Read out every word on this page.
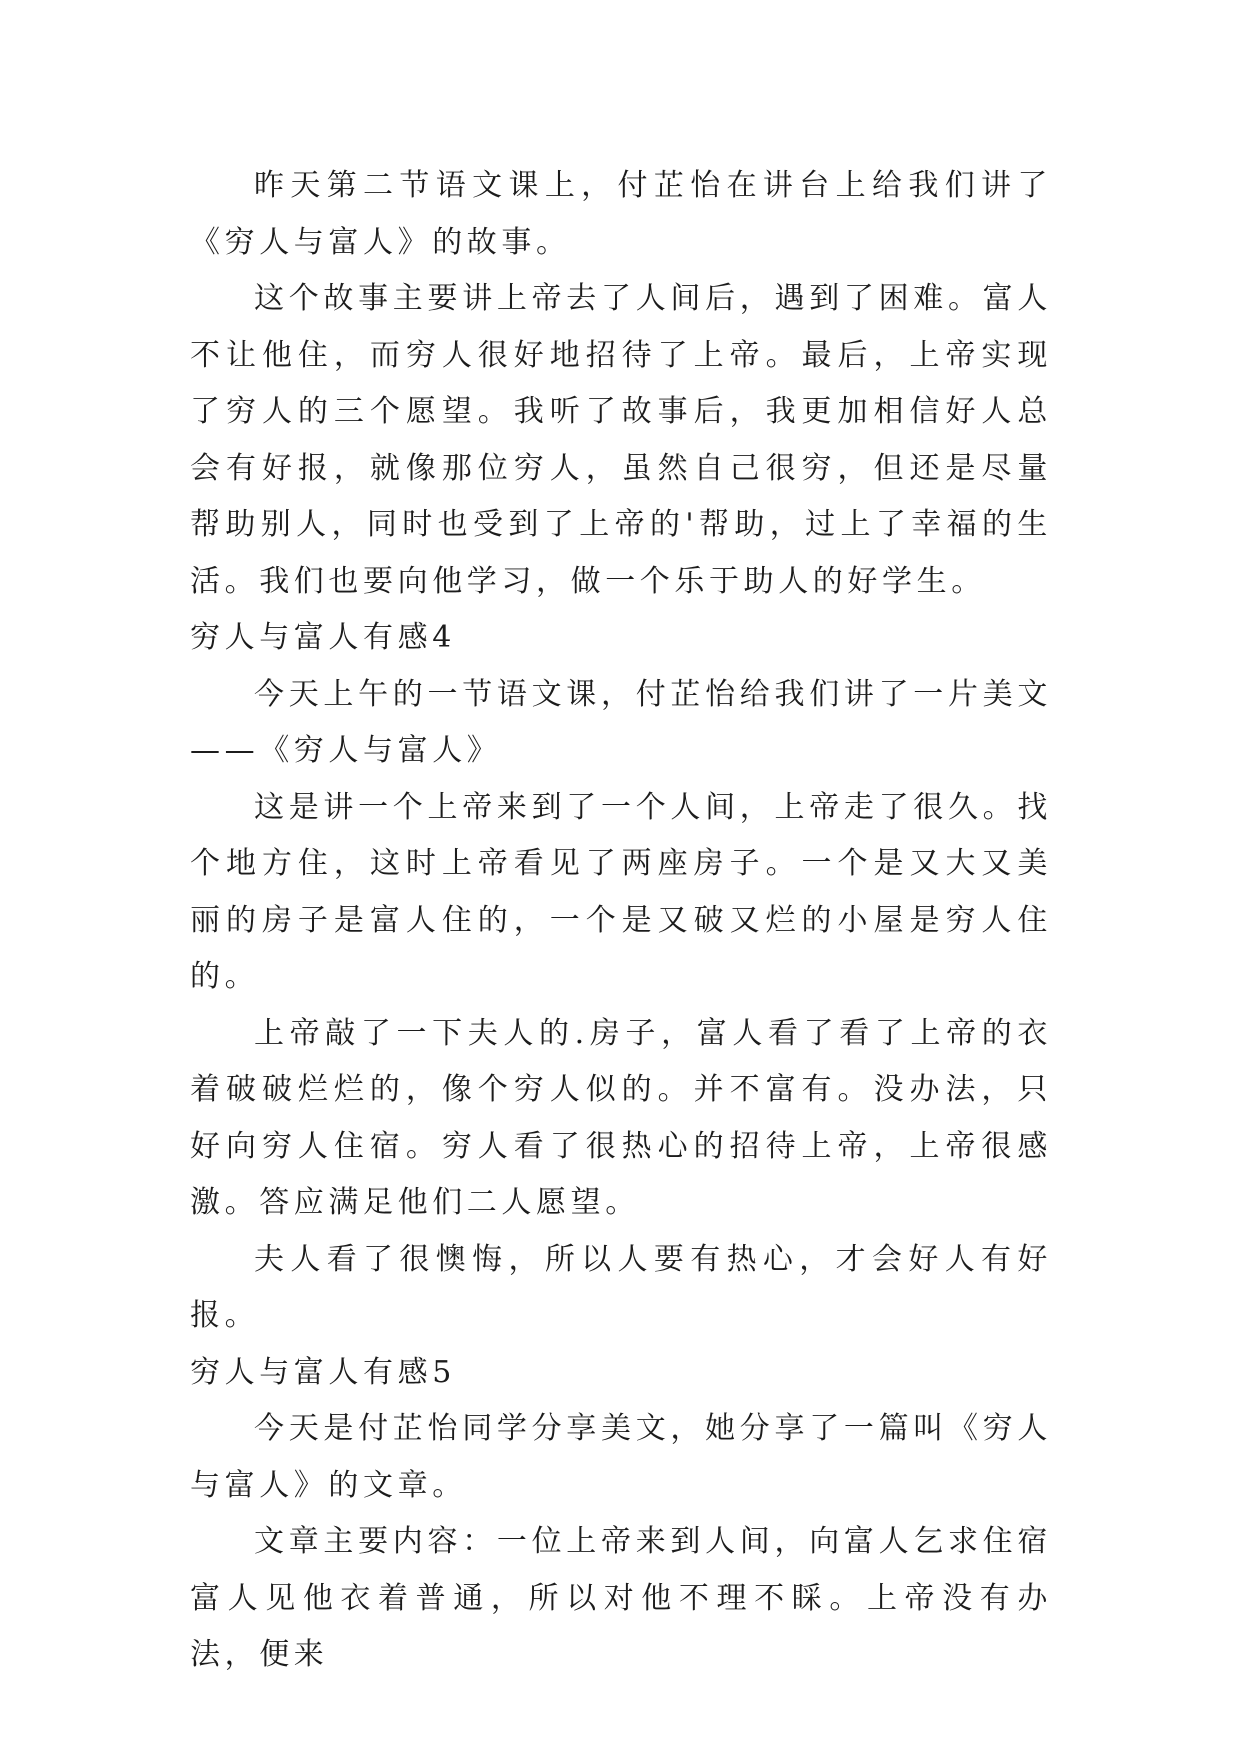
昨天第二节语文课上，付芷怡在讲台上给我们讲了《穷人与富人》的故事。

这个故事主要讲上帝去了人间后，遇到了困难。富人不让他住，而穷人很好地招待了上帝。最后，上帝实现了穷人的三个愿望。我听了故事后，我更加相信好人总会有好报，就像那位穷人，虽然自己很穷，但还是尽量帮助别人，同时也受到了上帝的'帮助，过上了幸福的生活。我们也要向他学习，做一个乐于助人的好学生。

穷人与富人有感4

今天上午的一节语文课，付芷怡给我们讲了一片美文——《穷人与富人》

这是讲一个上帝来到了一个人间，上帝走了很久。找个地方住，这时上帝看见了两座房子。一个是又大又美丽的房子是富人住的，一个是又破又烂的小屋是穷人住的。

上帝敲了一下夫人的.房子，富人看了看了上帝的衣着破破烂烂的，像个穷人似的。并不富有。没办法，只好向穷人住宿。穷人看了很热心的招待上帝，上帝很感激。答应满足他们二人愿望。

夫人看了很懊悔，所以人要有热心，才会好人有好报。

穷人与富人有感5

今天是付芷怡同学分享美文，她分享了一篇叫《穷人与富人》的文章。

文章主要内容：一位上帝来到人间，向富人乞求住宿富人见他衣着普通，所以对他不理不睬。上帝没有办法，便来
